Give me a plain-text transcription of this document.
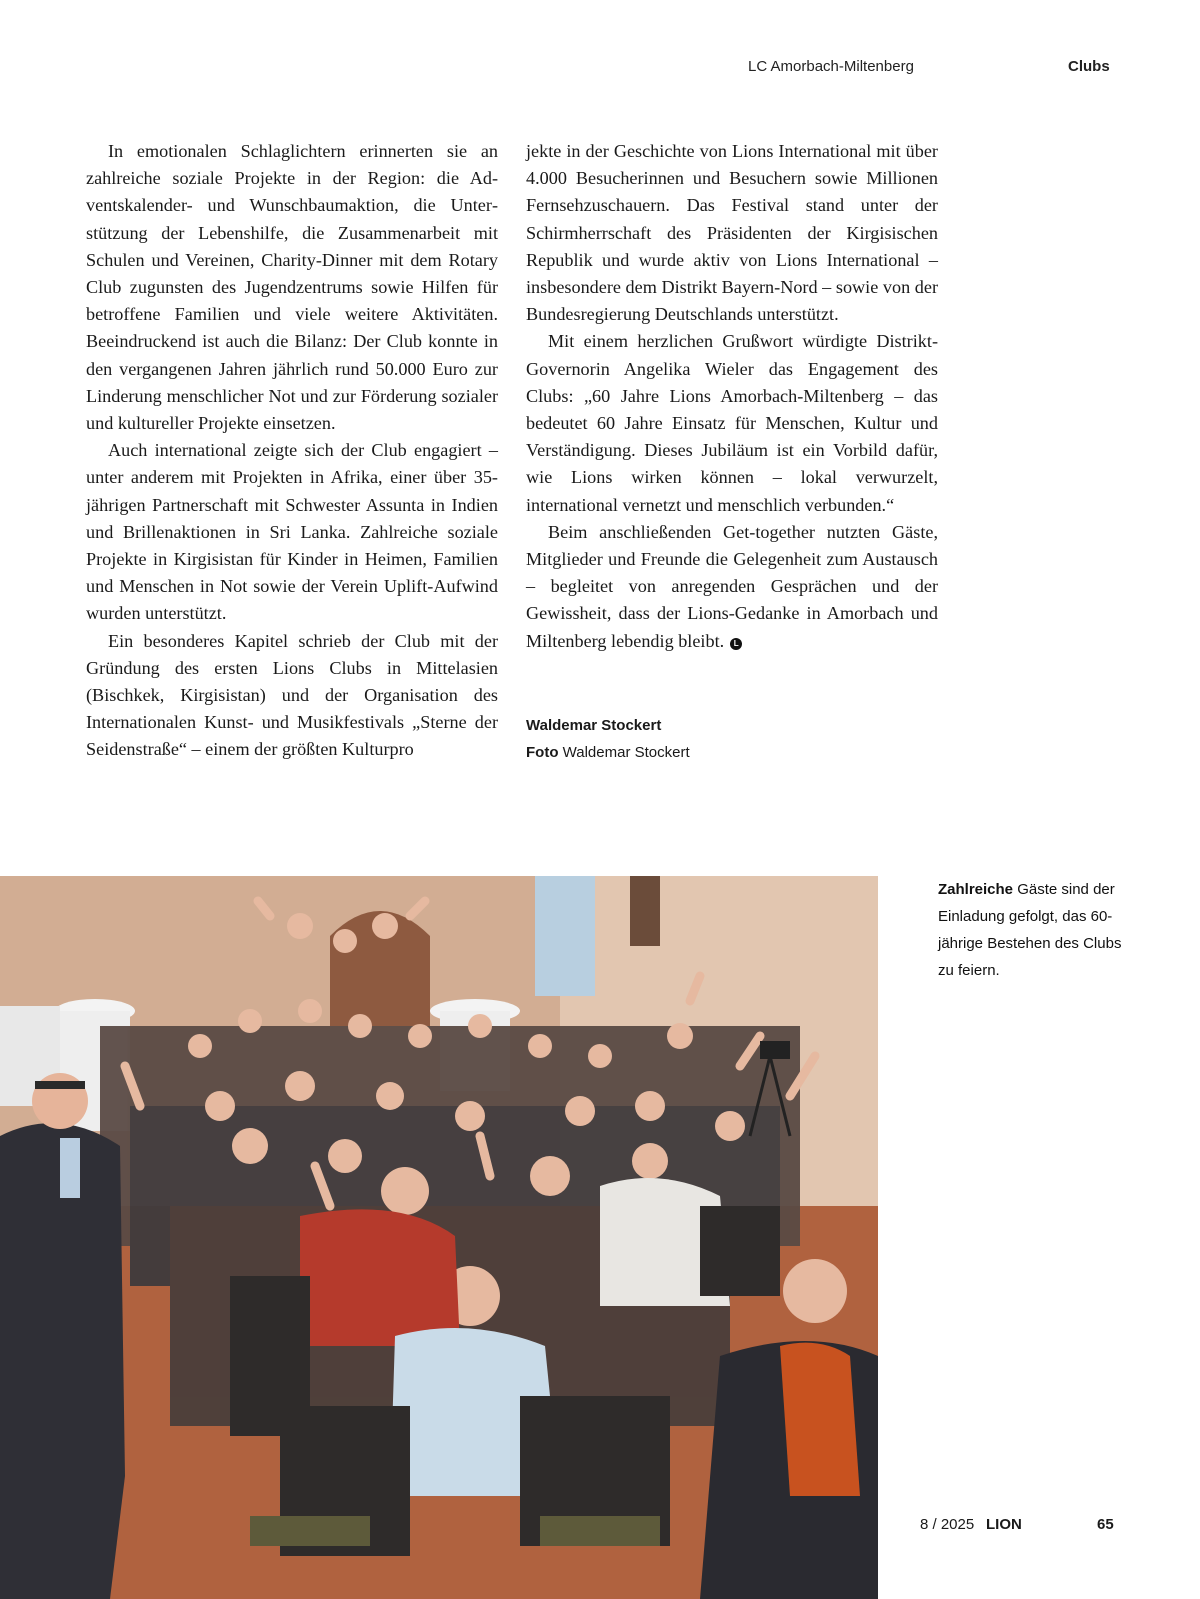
LC Amorbach-Miltenberg	Clubs

In emotionalen Schlaglichtern erinnerten sie an zahlreiche soziale Projekte in der Region: die Adventskalender- und Wunschbaumaktion, die Unterstützung der Lebenshilfe, die Zusammenarbeit mit Schulen und Vereinen, Charity-Dinner mit dem Rotary Club zugunsten des Jugendzentrums sowie Hilfen für betroffene Familien und viele weitere Aktivitäten. Beeindruckend ist auch die Bilanz: Der Club konnte in den vergangenen Jahren jährlich rund 50.000 Euro zur Linderung menschlicher Not und zur Förderung sozialer und kultureller Projekte einsetzen.

Auch international zeigte sich der Club engagiert – unter anderem mit Projekten in Afrika, einer über 35-jährigen Partnerschaft mit Schwester Assunta in Indien und Brillenaktionen in Sri Lanka. Zahlreiche soziale Projekte in Kirgisistan für Kinder in Heimen, Familien und Menschen in Not sowie der Verein Uplift-Aufwind wurden unterstützt.

Ein besonderes Kapitel schrieb der Club mit der Gründung des ersten Lions Clubs in Mittelasien (Bischkek, Kirgisistan) und der Organisation des Internationalen Kunst- und Musikfestivals „Sterne der Seidenstraße“ – einem der größten Kulturpro

jekte in der Geschichte von Lions International mit über 4.000 Besucherinnen und Besuchern sowie Millionen Fernsehzuschauern. Das Festival stand unter der Schirmherrschaft des Präsidenten der Kirgisischen Republik und wurde aktiv von Lions International – insbesondere dem Distrikt Bayern-Nord – sowie von der Bundesregierung Deutschlands unterstützt.

Mit einem herzlichen Grußwort würdigte Distrikt-Governorin Angelika Wieler das Engagement des Clubs: „60 Jahre Lions Amorbach-Miltenberg – das bedeutet 60 Jahre Einsatz für Menschen, Kultur und Verständigung. Dieses Jubiläum ist ein Vorbild dafür, wie Lions wirken können – lokal verwurzelt, international vernetzt und menschlich verbunden.“

Beim anschließenden Get-together nutzten Gäste, Mitglieder und Freunde die Gelegenheit zum Austausch – begleitet von anregenden Gesprächen und der Gewissheit, dass der Lions-Gedanke in Amorbach und Miltenberg lebendig bleibt. L

Waldemar Stockert
Foto Waldemar Stockert
Zahlreiche Gäste sind der Einladung gefolgt, das 60-jährige Bestehen des Clubs zu feiern.
8 / 2025 LION	65
